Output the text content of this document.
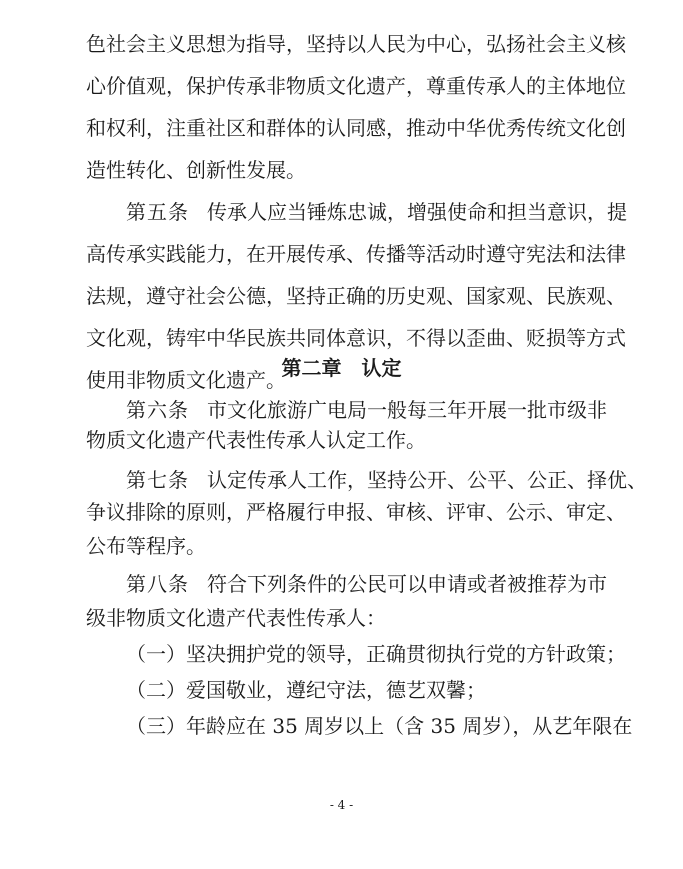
色社会主义思想为指导，坚持以人民为中心，弘扬社会主义核
心价值观，保护传承非物质文化遗产，尊重传承人的主体地位
和权利，注重社区和群体的认同感，推动中华优秀传统文化创
造性转化、创新性发展。
第五条 传承人应当锤炼忠诚，增强使命和担当意识，提
高传承实践能力，在开展传承、传播等活动时遵守宪法和法律
法规，遵守社会公德，坚持正确的历史观、国家观、民族观、
文化观，铸牢中华民族共同体意识，不得以歪曲、贬损等方式
使用非物质文化遗产。
第二章　认定
第六条 市文化旅游广电局一般每三年开展一批市级非
物质文化遗产代表性传承人认定工作。
第七条 认定传承人工作，坚持公开、公平、公正、择优、
争议排除的原则，严格履行申报、审核、评审、公示、审定、
公布等程序。
第八条 符合下列条件的公民可以申请或者被推荐为市
级非物质文化遗产代表性传承人：
（一）坚决拥护党的领导，正确贯彻执行党的方针政策；
（二）爱国敬业，遵纪守法，德艺双馨；
（三）年龄应在 35 周岁以上（含 35 周岁），从艺年限在
- 4 -
